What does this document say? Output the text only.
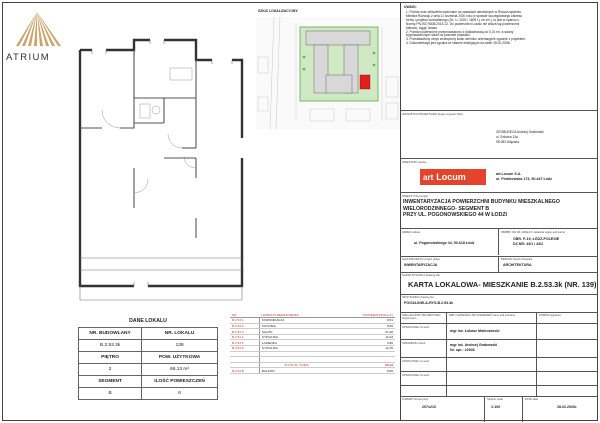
ATRIUM
SZKIC LOKALIZACYJNY:
UWAGI:
1. Pomiar oraz obliczenia wykonane na zasadach określonych w Rozporządzeniu
Ministra Rozwoju z dnia 11 września 2020 roku w sprawie szczegółowego zakresu
formy i projektu budowlanego (Dz. U. 2020 / 1609 t.j. ze zm.), to jest w oparciu o
Normę PN-ISO 9836:2015-12. Do powierzchni Lokalu nie wlicza się powierzchni
balkonu, loggii, tarasu.
2. Pomiar powierzchni przeprowadzono z dokładnością do 0,01 m², a ściany
wyprowadzonych ścian na pozomie posadzki.
3. Przedstawiony obrys zewnętrzny ścian wierniko orientacyjnie zgodnie z projektem.
4. Dokumentacja jest zgodna ze stanem istniejącym na dzień 28.02.2026r.
JEDNOSTKA PROJEKTOWA/ design engineer office
GEOBUDECA Andrzej Grabowski
ul. Szkolna 13a
95-083 Wiązaca
INWESTOR/ investor
art Locum	art.Locum S.A.
ul. Piotrkowska 173, 90-447 Łódź
INWESTYCJA/ project
INWENTARYZACJA POWIERZCHNI BUDYNKU MIESZKALNEGO
WIELORODZINNEGO- SEGMENT B
PRZY UL. POGONOWSKIEGO 44 W ŁODZI
ADRES/ adress
ul. Pogonowskiego 44, 90-618 Łódź
OBRĘB / NR DZ. DZIAŁKI / cadastral region and parcel
OBR. P-19, ŁÓDŹ-POLESIE
DZ.NR: 43/1 i 43/2
FAZA PROJEKTU/ project phase
INWENTARYZACJA
BRANŻA/ branch discipline
ARCHITEKTURA
NAZWA RYSUNKU/ drawing title
KARTA LOKALOWA- MIESZKANIE B.2.53.3k (NR. 139)
NR RYSUNKU/ drawing No
POG44-INW-A-RYS-B.2.53.3k
SPECJALNOŚĆ PROJEKTOWA/ project team
IMIĘ I NAZWISKO/ NR UPRAWNIEŃ name and surname	PODPIS/ signature
OPRACOWAŁ/ co-work
mgr inż. Łukasz Mokrowiecki
SPRAWDZIŁ/ check	mgr inż. Andrzej Grabowski
Nr. upr.: 22946
OPRACOWAŁ/ co-work
OPRACOWAŁ/ co-work
FORMAT/ format [mm]
297x210
SKALA/ scale
1:100
DATA/ date
28.02.2026r.
DANE LOKALU
NR. BUDOWLANY	NR. LOKALU
B.2.53.3k	139
PIĘTRO	POW. UŻYTKOWA
2	66,13 m²
SEGMENT	ILOŚĆ POMIESZCZEŃ
B	6
NR	NAZWA POMIESZCZENIA	POWIERZCHNIA (m²)
B.2.53.1	KOMUNIKACJA	8,51
B.2.53.2	KUCHNIA	8,00
B.2.53.3	SALON	21,48
B.2.53.4	SYPIALNIA	11,03
B.2.53.5	ŁAZIENKA	4,96
B.2.53.6	SYPIALNIA	12,15

	B.2.53.3k- SUMA	66,13
B.2.53.B	BALKON	8,56
